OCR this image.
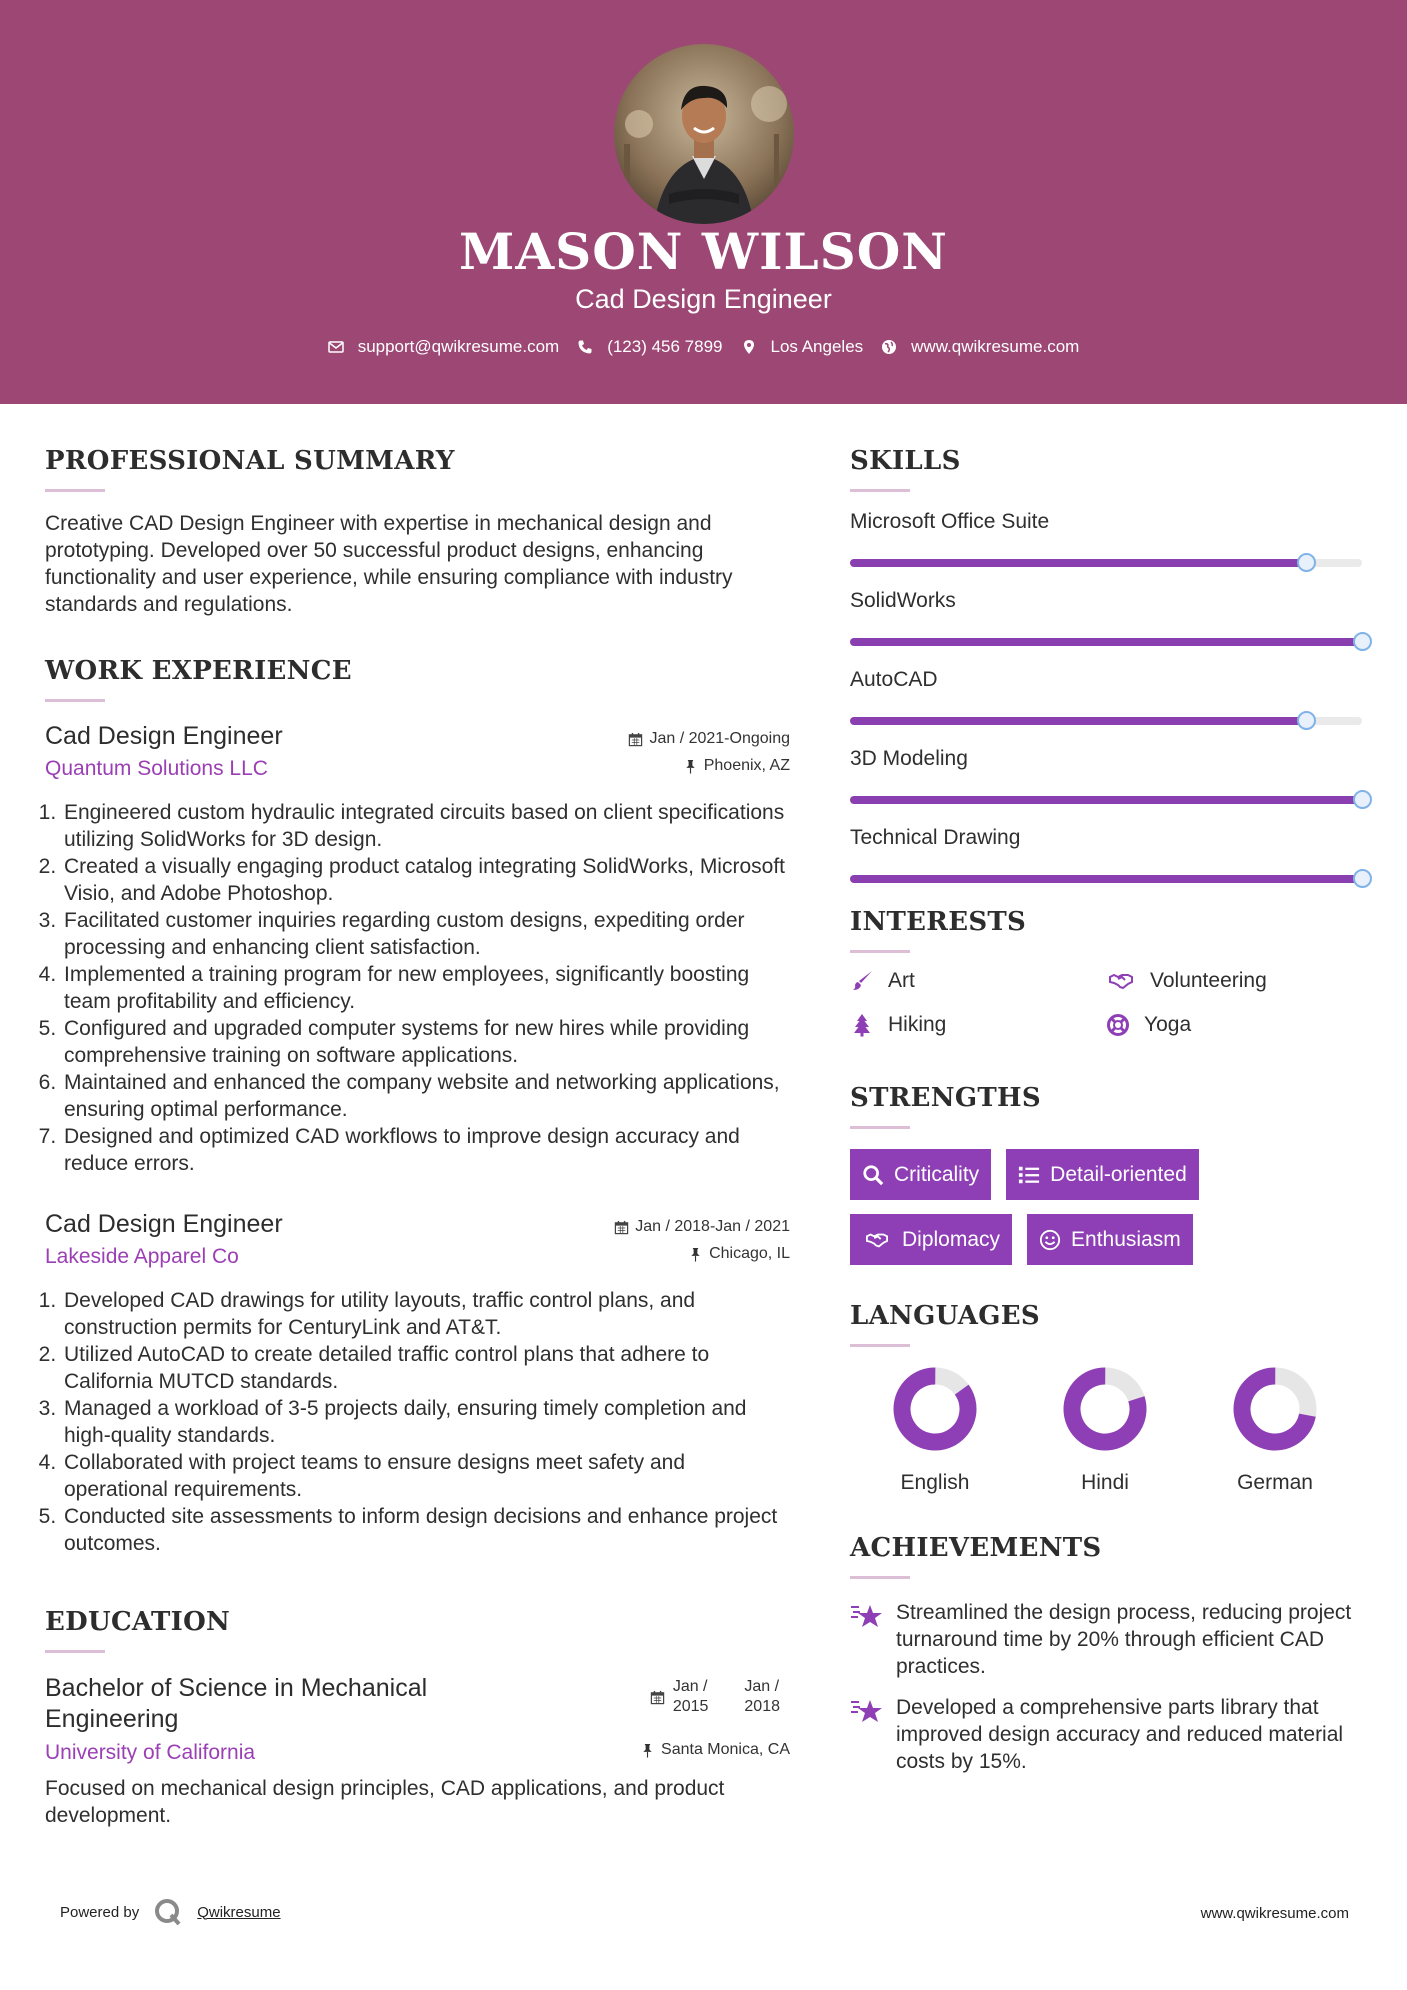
MASON WILSON
Cad Design Engineer
support@qwikresume.com	(123) 456 7899	Los Angeles	www.qwikresume.com
PROFESSIONAL SUMMARY
Creative CAD Design Engineer with expertise in mechanical design and prototyping. Developed over 50 successful product designs, enhancing functionality and user experience, while ensuring compliance with industry standards and regulations.
WORK EXPERIENCE
Cad Design Engineer	Jan / 2021-Ongoing
Quantum Solutions LLC	Phoenix, AZ
1. Engineered custom hydraulic integrated circuits based on client specifications utilizing SolidWorks for 3D design.
2. Created a visually engaging product catalog integrating SolidWorks, Microsoft Visio, and Adobe Photoshop.
3. Facilitated customer inquiries regarding custom designs, expediting order processing and enhancing client satisfaction.
4. Implemented a training program for new employees, significantly boosting team profitability and efficiency.
5. Configured and upgraded computer systems for new hires while providing comprehensive training on software applications.
6. Maintained and enhanced the company website and networking applications, ensuring optimal performance.
7. Designed and optimized CAD workflows to improve design accuracy and reduce errors.
Cad Design Engineer	Jan / 2018-Jan / 2021
Lakeside Apparel Co	Chicago, IL
1. Developed CAD drawings for utility layouts, traffic control plans, and construction permits for CenturyLink and AT&T.
2. Utilized AutoCAD to create detailed traffic control plans that adhere to California MUTCD standards.
3. Managed a workload of 3-5 projects daily, ensuring timely completion and high-quality standards.
4. Collaborated with project teams to ensure designs meet safety and operational requirements.
5. Conducted site assessments to inform design decisions and enhance project outcomes.
EDUCATION
Bachelor of Science in Mechanical
Engineering
Jan /
2015
Jan /
2018
University of California	Santa Monica, CA
Focused on mechanical design principles, CAD applications, and product development.
SKILLS
Microsoft Office Suite
SolidWorks
AutoCAD
3D Modeling
Technical Drawing
INTERESTS
Art	Volunteering
Hiking	Yoga
STRENGTHS
Criticality	Detail-oriented
Diplomacy	Enthusiasm
LANGUAGES
English	Hindi	German
ACHIEVEMENTS
Streamlined the design process, reducing project turnaround time by 20% through efficient CAD practices.
Developed a comprehensive parts library that improved design accuracy and reduced material costs by 15%.
Powered by	Qwikresume	www.qwikresume.com
